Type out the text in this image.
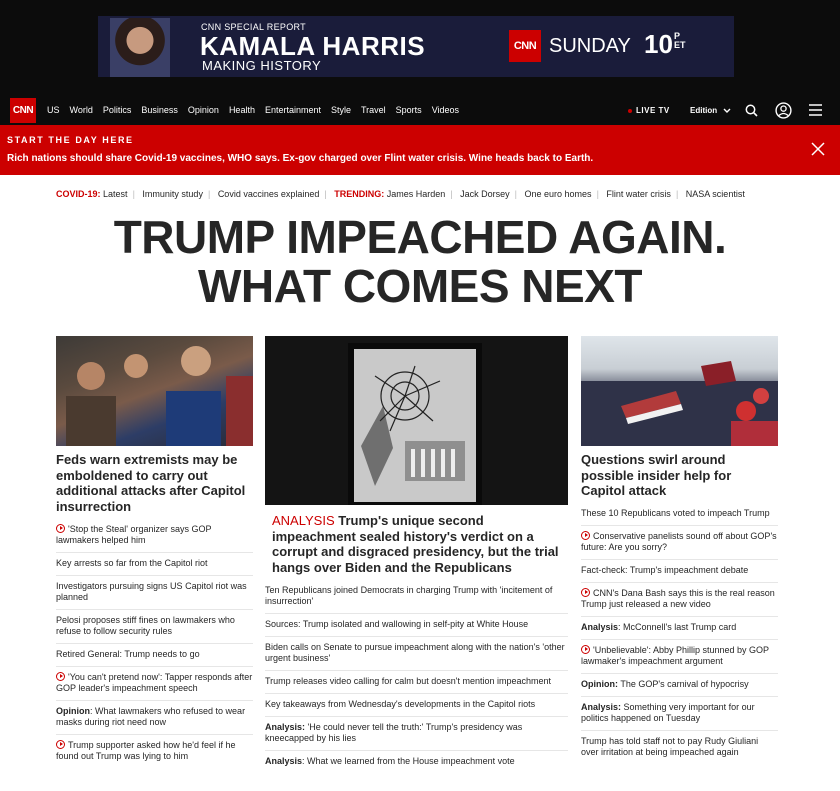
CNN SPECIAL REPORT
KAMALA HARRIS
MAKING HISTORY
CNN SUNDAY 10 P
ET
CNN	US World Politics Business Opinion Health Entertainment Style Travel Sports Videos	LIVE TV	Edition
START THE DAY HERE
Rich nations should share Covid-19 vaccines, WHO says. Ex-gov charged over Flint water crisis. Wine heads back to Earth.
COVID-19: Latest | Immunity study | Covid vaccines explained | TRENDING: James Harden | Jack Dorsey | One euro homes | Flint water crisis | NASA scientist
TRUMP IMPEACHED AGAIN.
WHAT COMES NEXT
Feds warn extremists may be emboldened to carry out additional attacks after Capitol insurrection
'Stop the Steal' organizer says GOP lawmakers helped him
Key arrests so far from the Capitol riot
Investigators pursuing signs US Capitol riot was planned
Pelosi proposes stiff fines on lawmakers who refuse to follow security rules
Retired General: Trump needs to go
'You can't pretend now': Tapper responds after GOP leader's impeachment speech
Opinion: What lawmakers who refused to wear masks during riot need now
Trump supporter asked how he'd feel if he found out Trump was lying to him
ANALYSIS Trump's unique second impeachment sealed history's verdict on a corrupt and disgraced presidency, but the trial hangs over Biden and the Republicans
Ten Republicans joined Democrats in charging Trump with 'incitement of insurrection'
Sources: Trump isolated and wallowing in self-pity at White House
Biden calls on Senate to pursue impeachment along with the nation's 'other urgent business'
Trump releases video calling for calm but doesn't mention impeachment
Key takeaways from Wednesday's developments in the Capitol riots
Analysis: 'He could never tell the truth:' Trump's presidency was kneecapped by his lies
Analysis: What we learned from the House impeachment vote
Questions swirl around possible insider help for Capitol attack
These 10 Republicans voted to impeach Trump
Conservative panelists sound off about GOP's future: Are you sorry?
Fact-check: Trump's impeachment debate
CNN's Dana Bash says this is the real reason Trump just released a new video
Analysis: McConnell's last Trump card
'Unbelievable': Abby Phillip stunned by GOP lawmaker's impeachment argument
Opinion: The GOP's carnival of hypocrisy
Analysis: Something very important for our politics happened on Tuesday
Trump has told staff not to pay Rudy Giuliani over irritation at being impeached again
